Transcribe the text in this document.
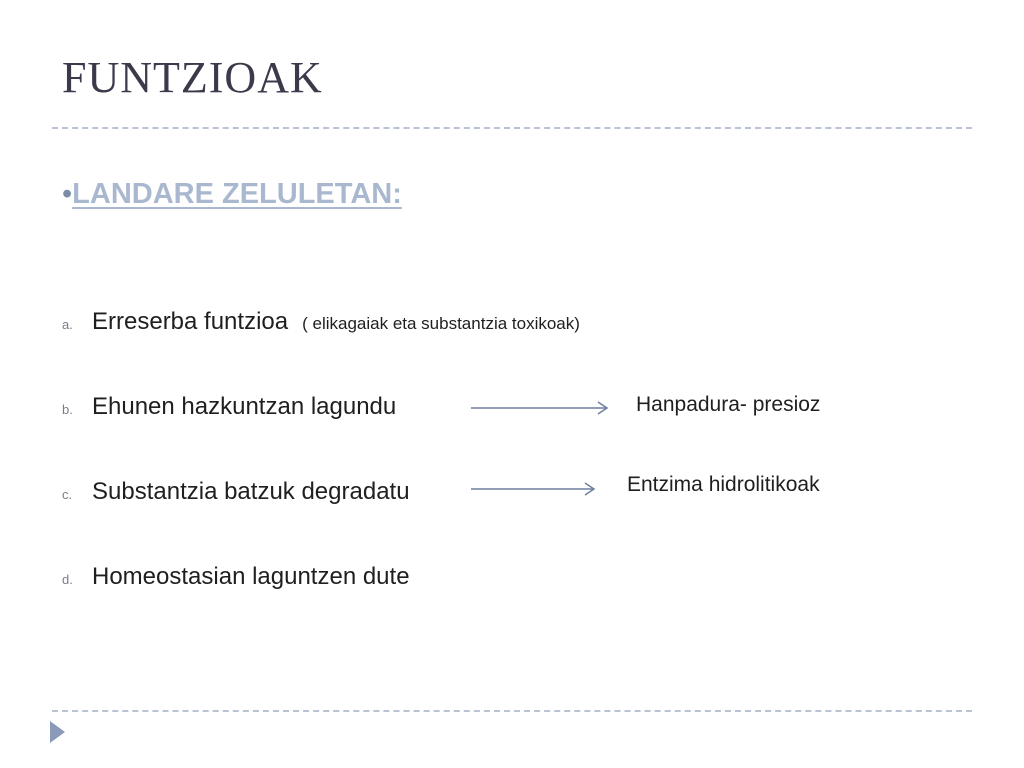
FUNTZIOAK
•LANDARE ZELULETAN:
a. Erreserba funtzioa ( elikagaiak eta substantzia toxikoak)
b. Ehunen hazkuntzan lagundu	Hanpadura- presioz
c. Substantzia batzuk degradatu	Entzima hidrolitikoak
d. Homeostasian laguntzen dute
